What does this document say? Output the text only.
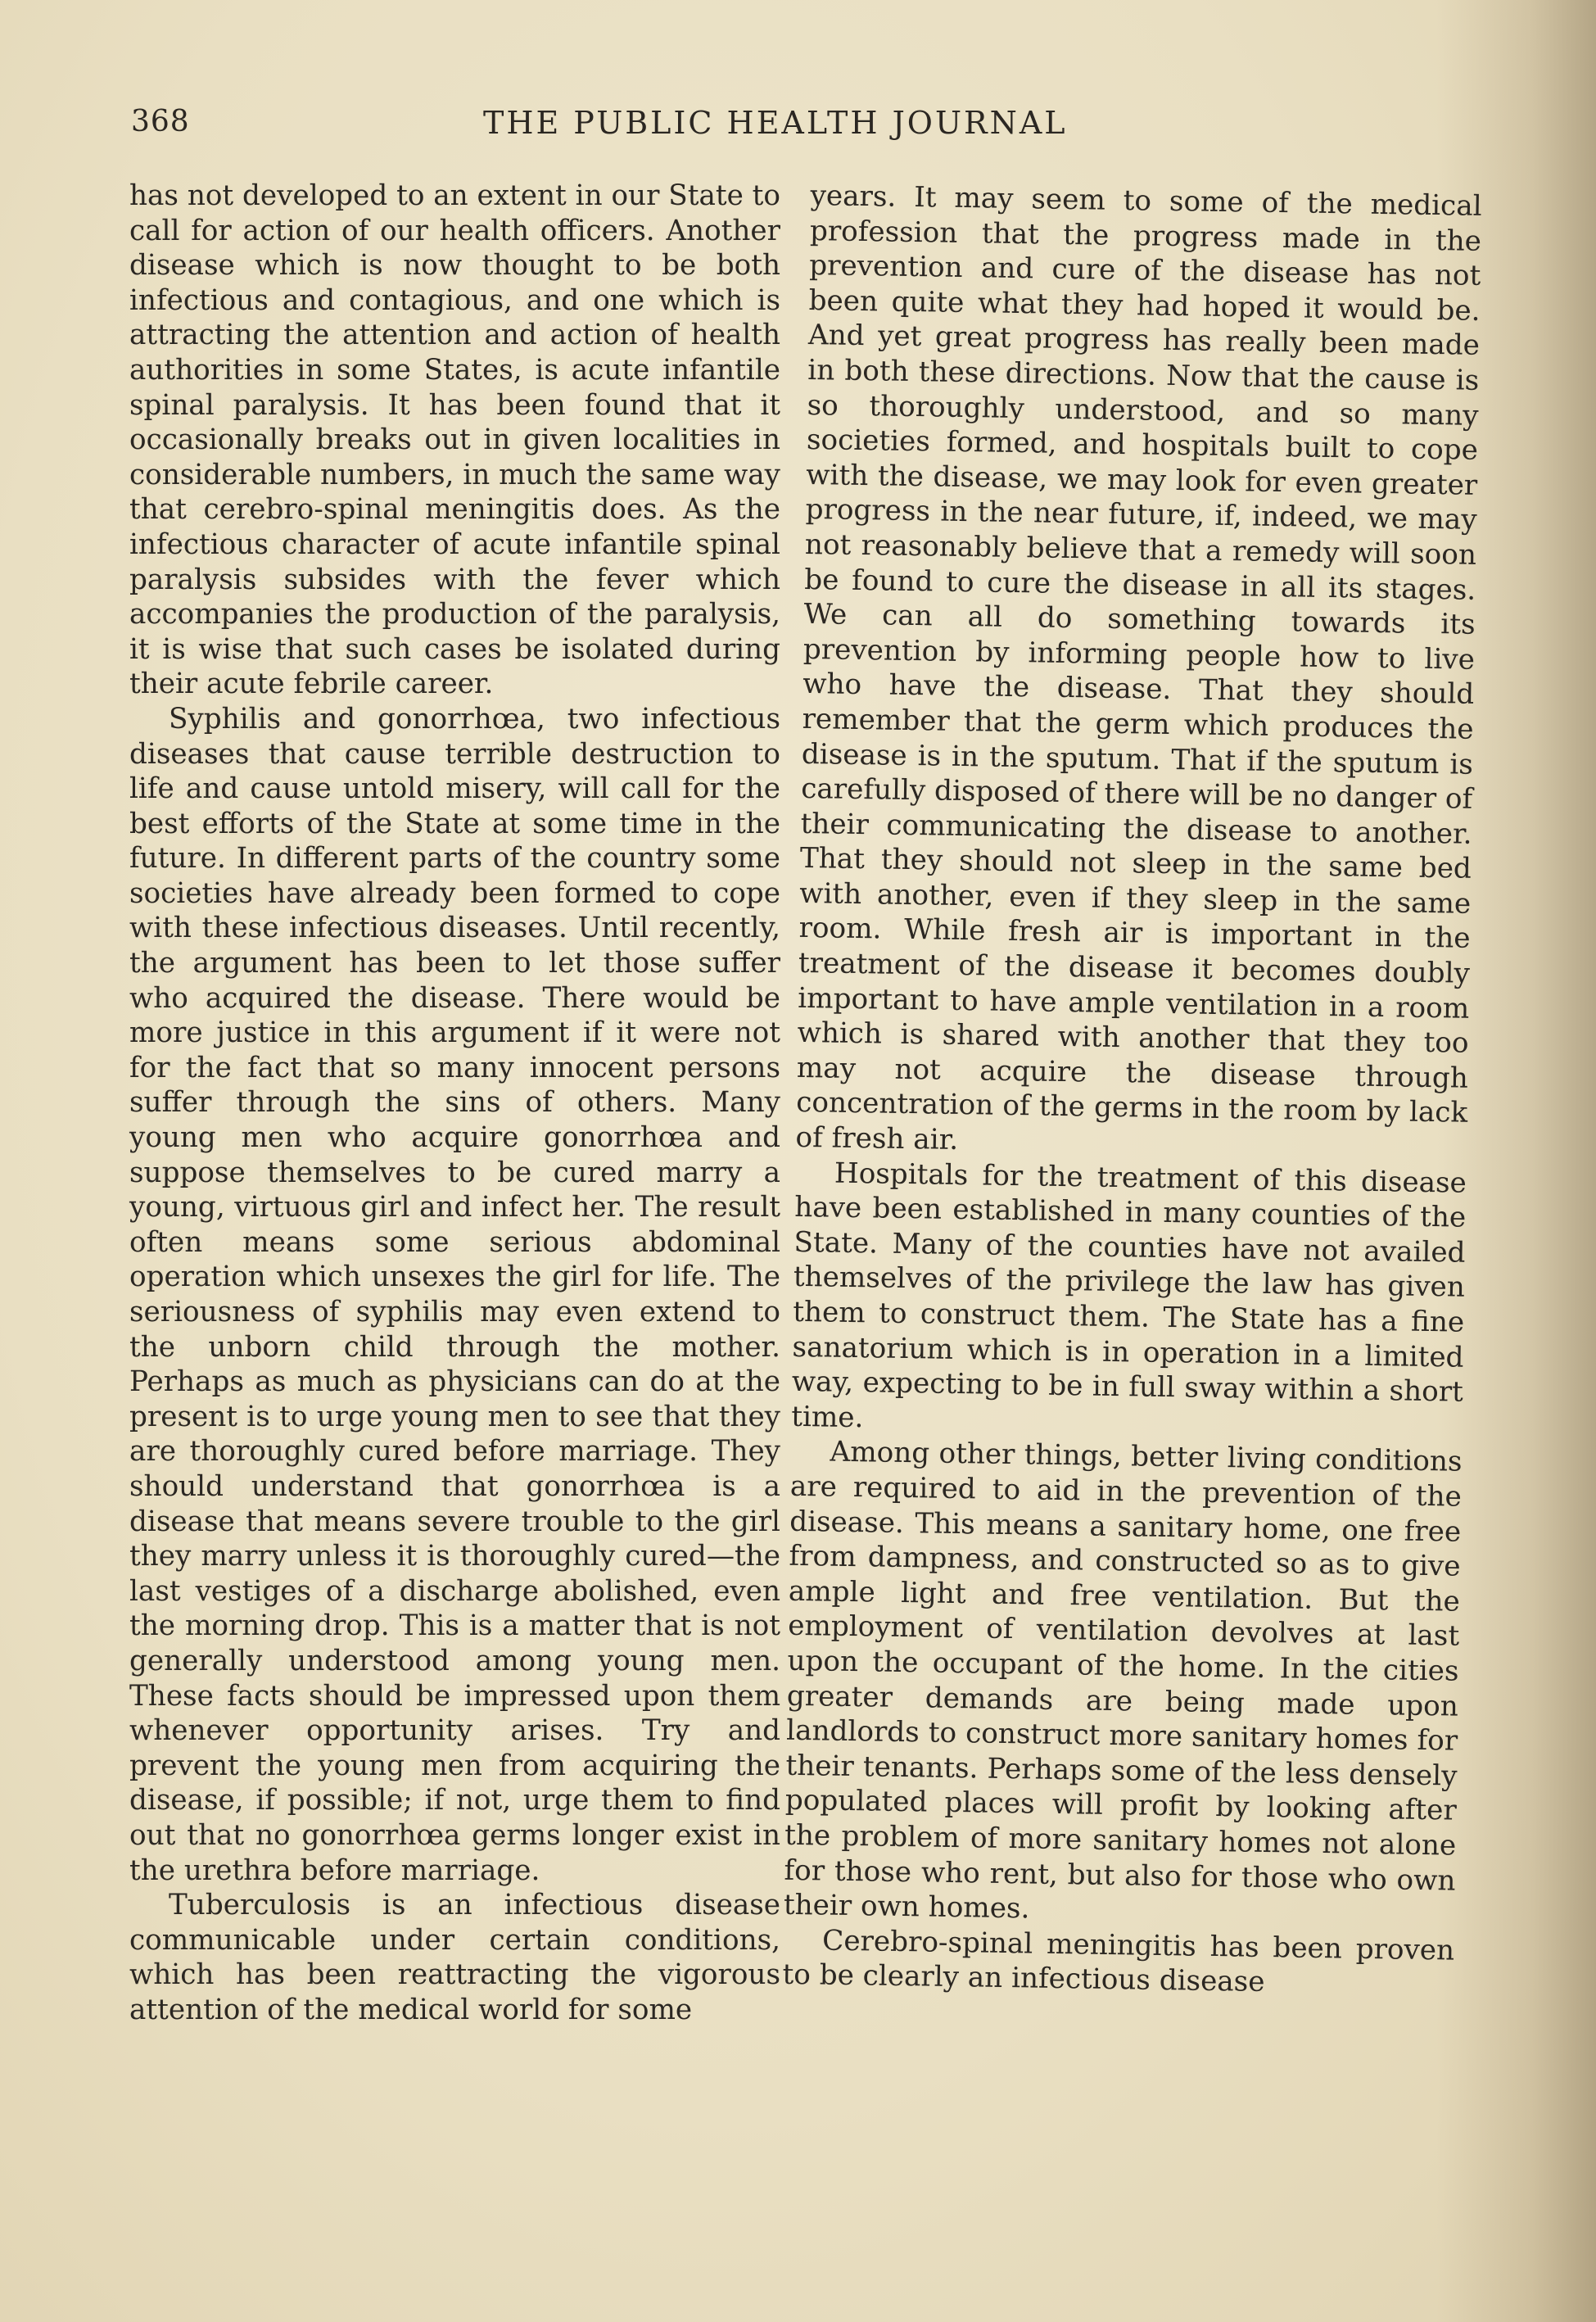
368	THE PUBLIC HEALTH JOURNAL

has not developed to an extent in our State to call for action of our health officers. Another disease which is now thought to be both infectious and contagious, and one which is attracting the attention and action of health authorities in some States, is acute infantile spinal paralysis. It has been found that it occasionally breaks out in given localities in considerable numbers, in much the same way that cerebro-spinal meningitis does. As the infectious character of acute infantile spinal paralysis subsides with the fever which accompanies the production of the paralysis, it is wise that such cases be isolated during their acute febrile career.

Syphilis and gonorrhœa, two infectious diseases that cause terrible destruction to life and cause untold misery, will call for the best efforts of the State at some time in the future. In different parts of the country some societies have already been formed to cope with these infectious diseases. Until recently, the argument has been to let those suffer who acquired the disease. There would be more justice in this argument if it were not for the fact that so many innocent persons suffer through the sins of others. Many young men who acquire gonorrhœa and suppose themselves to be cured marry a young, virtuous girl and infect her. The result often means some serious abdominal operation which unsexes the girl for life. The seriousness of syphilis may even extend to the unborn child through the mother. Perhaps as much as physicians can do at the present is to urge young men to see that they are thoroughly cured before marriage. They should understand that gonorrhœa is a disease that means severe trouble to the girl they marry unless it is thoroughly cured—the last vestiges of a discharge abolished, even the morning drop. This is a matter that is not generally understood among young men. These facts should be impressed upon them whenever opportunity arises. Try and prevent the young men from acquiring the disease, if possible; if not, urge them to find out that no gonorrhœa germs longer exist in the urethra before marriage.

Tuberculosis is an infectious disease communicable under certain conditions, which has been reattracting the vigorous attention of the medical world for some

years. It may seem to some of the medical profession that the progress made in the prevention and cure of the disease has not been quite what they had hoped it would be. And yet great progress has really been made in both these directions. Now that the cause is so thoroughly understood, and so many societies formed, and hospitals built to cope with the disease, we may look for even greater progress in the near future, if, indeed, we may not reasonably believe that a remedy will soon be found to cure the disease in all its stages. We can all do something towards its prevention by informing people how to live who have the disease. That they should remember that the germ which produces the disease is in the sputum. That if the sputum is carefully disposed of there will be no danger of their communicating the disease to another. That they should not sleep in the same bed with another, even if they sleep in the same room. While fresh air is important in the treatment of the disease it becomes doubly important to have ample ventilation in a room which is shared with another that they too may not acquire the disease through concentration of the germs in the room by lack of fresh air.

Hospitals for the treatment of this disease have been established in many counties of the State. Many of the counties have not availed themselves of the privilege the law has given them to construct them. The State has a fine sanatorium which is in operation in a limited way, expecting to be in full sway within a short time.

Among other things, better living conditions are required to aid in the prevention of the disease. This means a sanitary home, one free from dampness, and constructed so as to give ample light and free ventilation. But the employment of ventilation devolves at last upon the occupant of the home. In the cities greater demands are being made upon landlords to construct more sanitary homes for their tenants. Perhaps some of the less densely populated places will profit by looking after the problem of more sanitary homes not alone for those who rent, but also for those who own their own homes.

Cerebro-spinal meningitis has been proven to be clearly an infectious disease
